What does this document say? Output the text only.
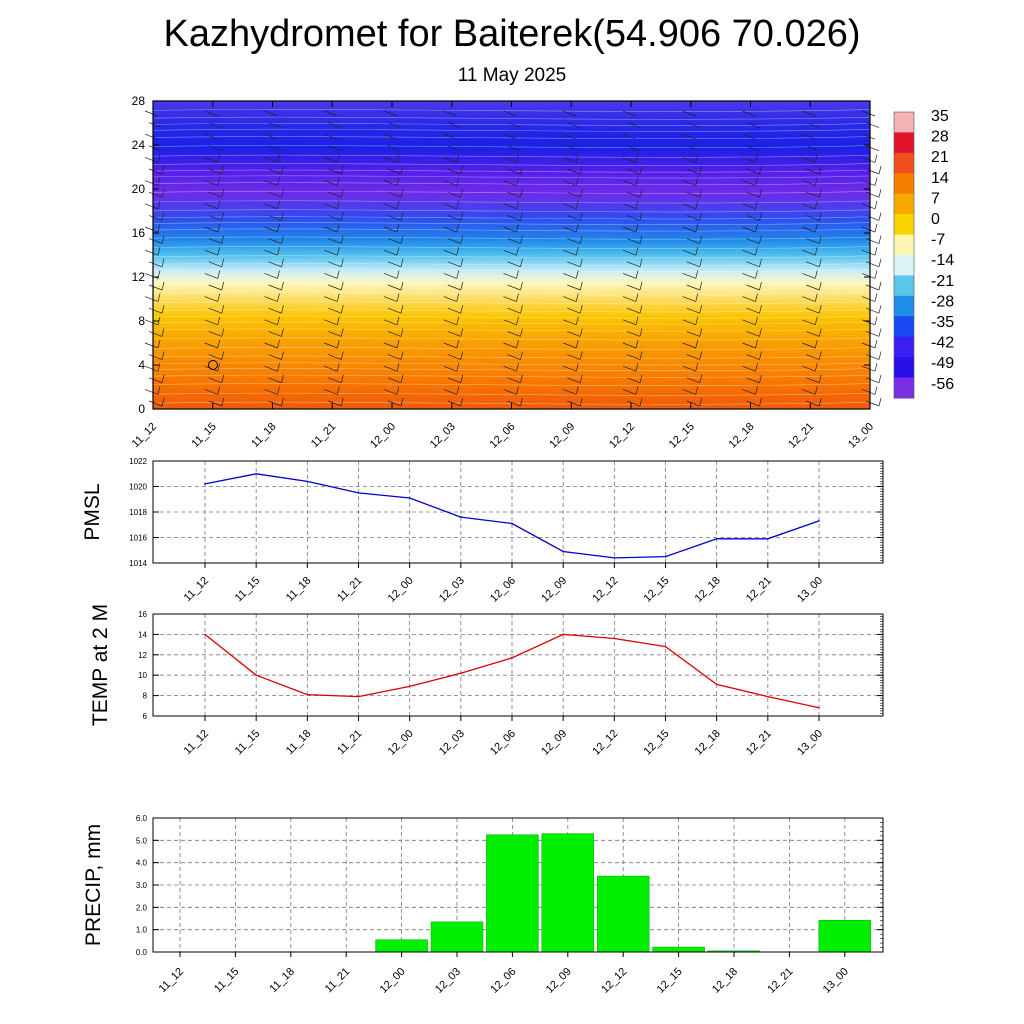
Kazhydromet for Baiterek(54.906 70.026)
11 May 2025
0
4
8
12
16
20
24
28
11_12	11_15	11_18	11_21	12_00	12_03	12_06	12_09	12_12	12_15	12_18	12_21	13_00
35
28
21
14
7
0
-7
-14
-21
-28
-35
-42
-49
-56
PMSL
1014
1016
1018
1020
1022
11_12 11_15 11_18 11_21 12_00 12_03 12_06 12_09 12_12 12_15 12_18 12_21 13_00
TEMP at 2 M	6
8
10
12
14
16
11_12 11_15 11_18 11_21 12_00 12_03 12_06 12_09 12_12 12_15 12_18 12_21 13_00
PRECIP, mm
0.0
1.0
2.0
3.0
4.0
5.0
6.0
11_12 11_15 11_18 11_21 12_00 12_03 12_06 12_09 12_12 12_15 12_18 12_21 13_00
